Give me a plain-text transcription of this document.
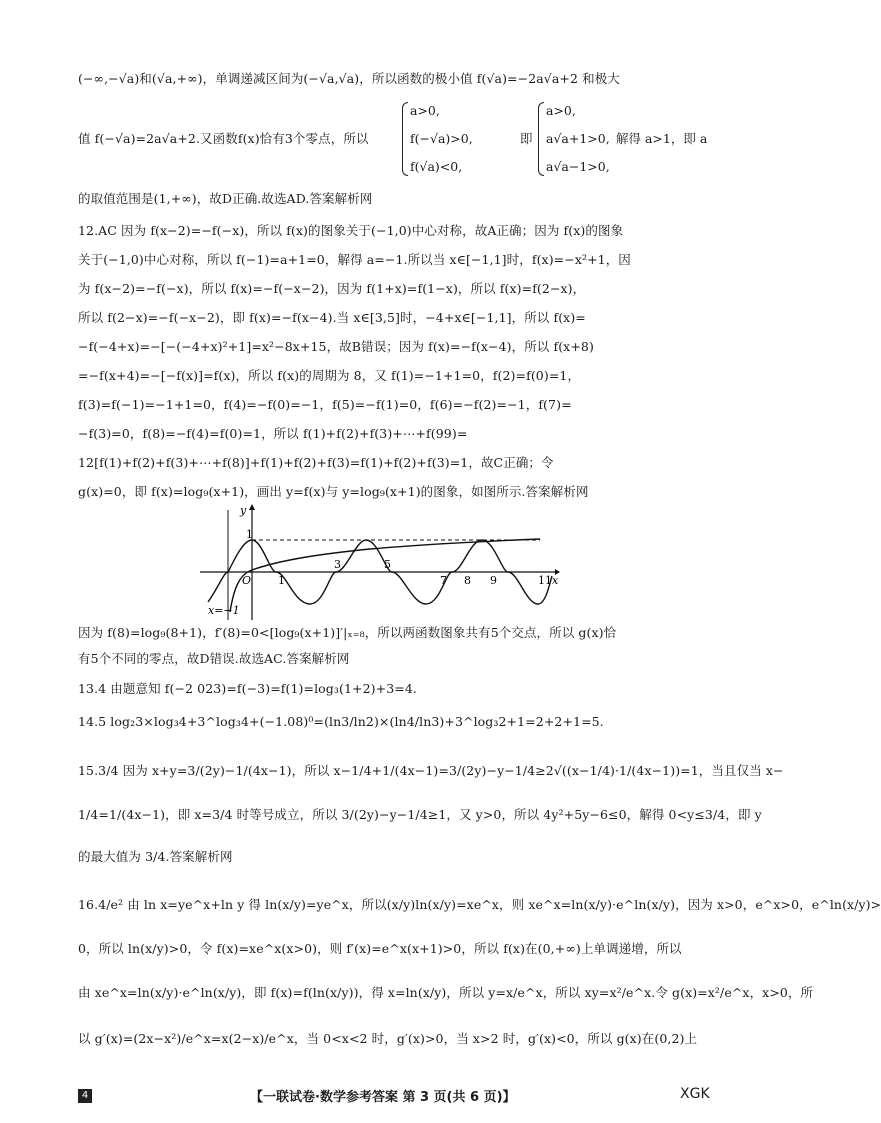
(−∞,−√a)和(√a,+∞)，单调递减区间为(−√a,√a)，所以函数的极小值 f(√a)=−2a√a+2 和极大
值 f(−√a)=2a√a+2.又函数f(x)恰有3个零点，所以
a>0,
f(−√a)>0,
f(√a)<0,
即
a>0,
a√a+1>0,
a√a−1>0,
解得 a>1，即 a
的取值范围是(1,+∞)，故D正确.故选AD.答案解析网
12.AC 因为 f(x−2)=−f(−x)，所以 f(x)的图象关于(−1,0)中心对称，故A正确；因为 f(x)的图象
关于(−1,0)中心对称，所以 f(−1)=a+1=0，解得 a=−1.所以当 x∈[−1,1]时，f(x)=−x²+1，因
为 f(x−2)=−f(−x)，所以 f(x)=−f(−x−2)，因为 f(1+x)=f(1−x)，所以 f(x)=f(2−x)，
所以 f(2−x)=−f(−x−2)，即 f(x)=−f(x−4).当 x∈[3,5]时，−4+x∈[−1,1]，所以 f(x)=
−f(−4+x)=−[−(−4+x)²+1]=x²−8x+15，故B错误；因为 f(x)=−f(x−4)，所以 f(x+8)
=−f(x+4)=−[−f(x)]=f(x)，所以 f(x)的周期为 8，又 f(1)=−1+1=0，f(2)=f(0)=1，
f(3)=f(−1)=−1+1=0，f(4)=−f(0)=−1，f(5)=−f(1)=0，f(6)=−f(2)=−1，f(7)=
−f(3)=0，f(8)=−f(4)=f(0)=1，所以 f(1)+f(2)+f(3)+⋯+f(99)=
12[f(1)+f(2)+f(3)+⋯+f(8)]+f(1)+f(2)+f(3)=f(1)+f(2)+f(3)=1，故C正确；令
g(x)=0，即 f(x)=log₉(x+1)，画出 y=f(x)与 y=log₉(x+1)的图象，如图所示.答案解析网
y
1
O 1
3	5
7 8 9	11 x
x=−1
因为 f(8)=log₉(8+1)，f′(8)=0<[log₉(x+1)]′|ₓ₌₈，所以两函数图象共有5个交点，所以 g(x)恰
有5个不同的零点，故D错误.故选AC.答案解析网
13.4 由题意知 f(−2 023)=f(−3)=f(1)=log₃(1+2)+3=4.
14.5 log₂3×log₃4+3^log₃4+(−1.08)⁰=(ln3/ln2)×(ln4/ln3)+3^log₃2+1=2+2+1=5.
15.3/4 因为 x+y=3/(2y)−1/(4x−1)，所以 x−1/4+1/(4x−1)=3/(2y)−y−1/4≥2√((x−1/4)·1/(4x−1))=1，当且仅当 x−
1/4=1/(4x−1)，即 x=3/4 时等号成立，所以 3/(2y)−y−1/4≥1，又 y>0，所以 4y²+5y−6≤0，解得 0<y≤3/4，即 y
的最大值为 3/4.答案解析网
16.4/e² 由 ln x=ye^x+ln y 得 ln(x/y)=ye^x，所以(x/y)ln(x/y)=xe^x，则 xe^x=ln(x/y)·e^ln(x/y)，因为 x>0，e^x>0，e^ln(x/y)>
0，所以 ln(x/y)>0，令 f(x)=xe^x(x>0)，则 f′(x)=e^x(x+1)>0，所以 f(x)在(0,+∞)上单调递增，所以
由 xe^x=ln(x/y)·e^ln(x/y)，即 f(x)=f(ln(x/y))，得 x=ln(x/y)，所以 y=x/e^x，所以 xy=x²/e^x.令 g(x)=x²/e^x，x>0，所
以 g′(x)=(2x−x²)/e^x=x(2−x)/e^x，当 0<x<2 时，g′(x)>0，当 x>2 时，g′(x)<0，所以 g(x)在(0,2)上
4	【一联试卷·数学参考答案 第 3 页(共 6 页)】	XGK
